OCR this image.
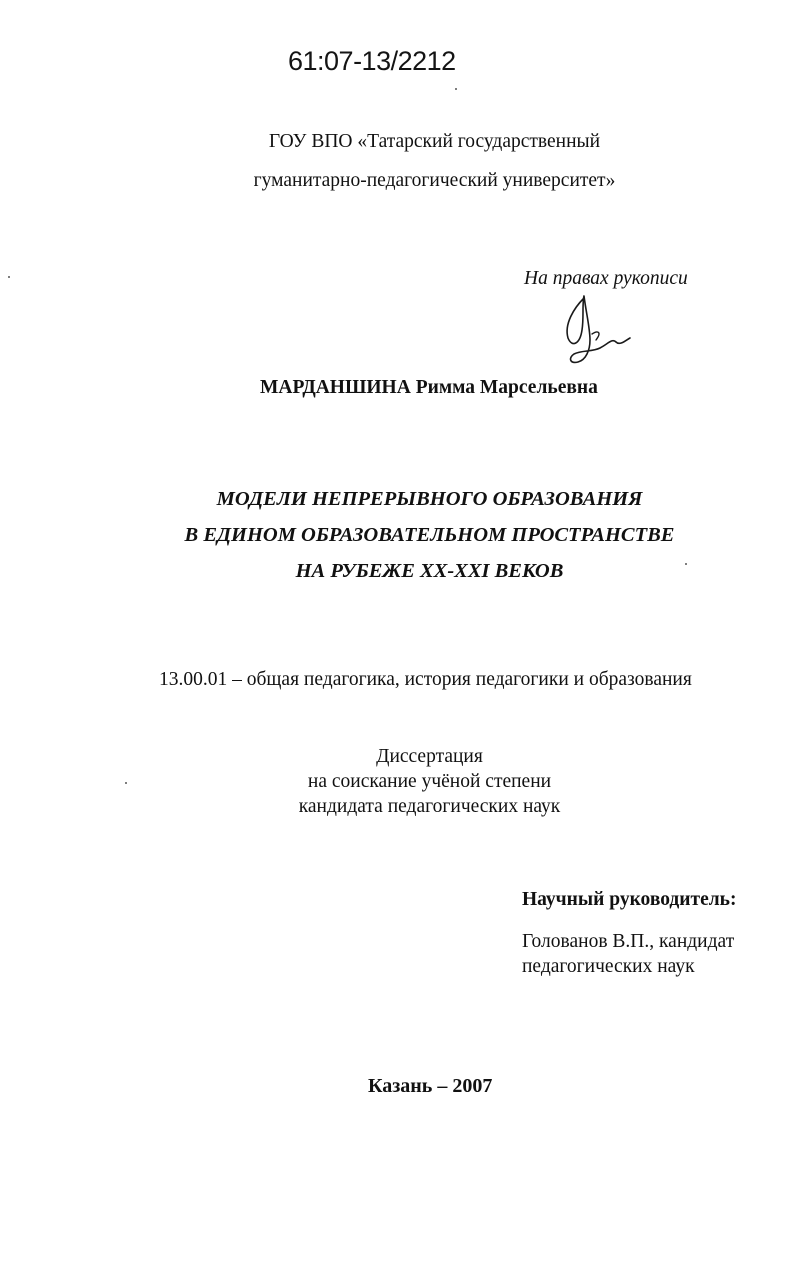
61:07-13/2212
ГОУ ВПО «Татарский государственный
гуманитарно-педагогический университет»
На правах рукописи
МАРДАНШИНА Римма Марсельевна
МОДЕЛИ НЕПРЕРЫВНОГО ОБРАЗОВАНИЯ
В ЕДИНОМ ОБРАЗОВАТЕЛЬНОМ ПРОСТРАНСТВЕ
НА РУБЕЖЕ XX-XXI ВЕКОВ
13.00.01 – общая педагогика, история педагогики и образования
Диссертация
на соискание учёной степени
кандидата педагогических наук
Научный руководитель:
Голованов В.П., кандидат
педагогических наук
Казань – 2007
